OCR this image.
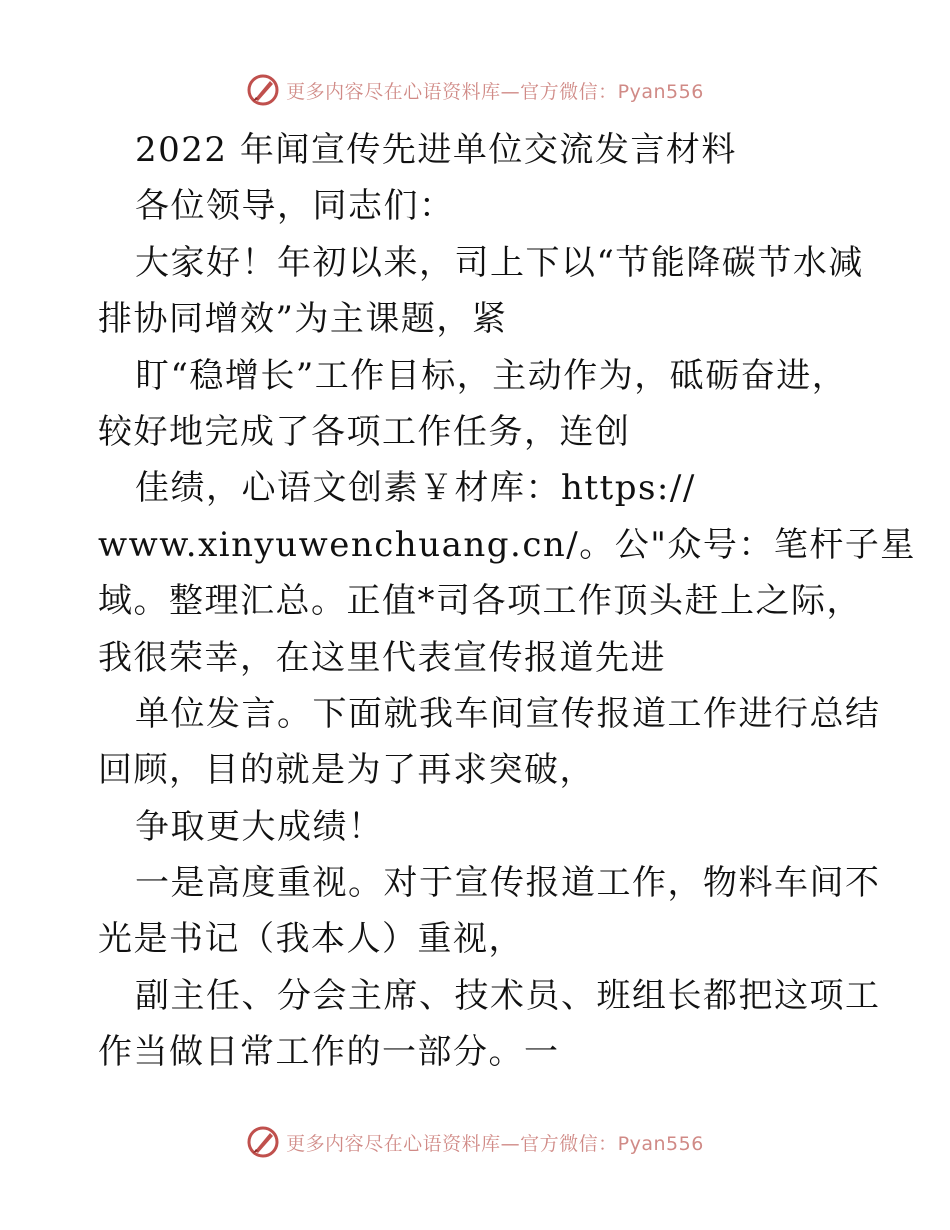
更多内容尽在心语资料库—官方微信：Pyan556
2022 年闻宣传先进单位交流发言材料
各位领导，同志们：
大家好！年初以来，司上下以“节能降碳节水减
排协同增效”为主课题，紧
盯“稳增长”工作目标，主动作为，砥砺奋进，
较好地完成了各项工作任务，连创
佳绩，心语文创素￥材库：https://
www.xinyuwenchuang.cn/。公"众号：笔杆子星
域。整理汇总。正值*司各项工作顶头赶上之际，
我很荣幸，在这里代表宣传报道先进
单位发言。下面就我车间宣传报道工作进行总结
回顾，目的就是为了再求突破，
争取更大成绩！
一是高度重视。对于宣传报道工作，物料车间不
光是书记（我本人）重视，
副主任、分会主席、技术员、班组长都把这项工
作当做日常工作的一部分。一
更多内容尽在心语资料库—官方微信：Pyan556
